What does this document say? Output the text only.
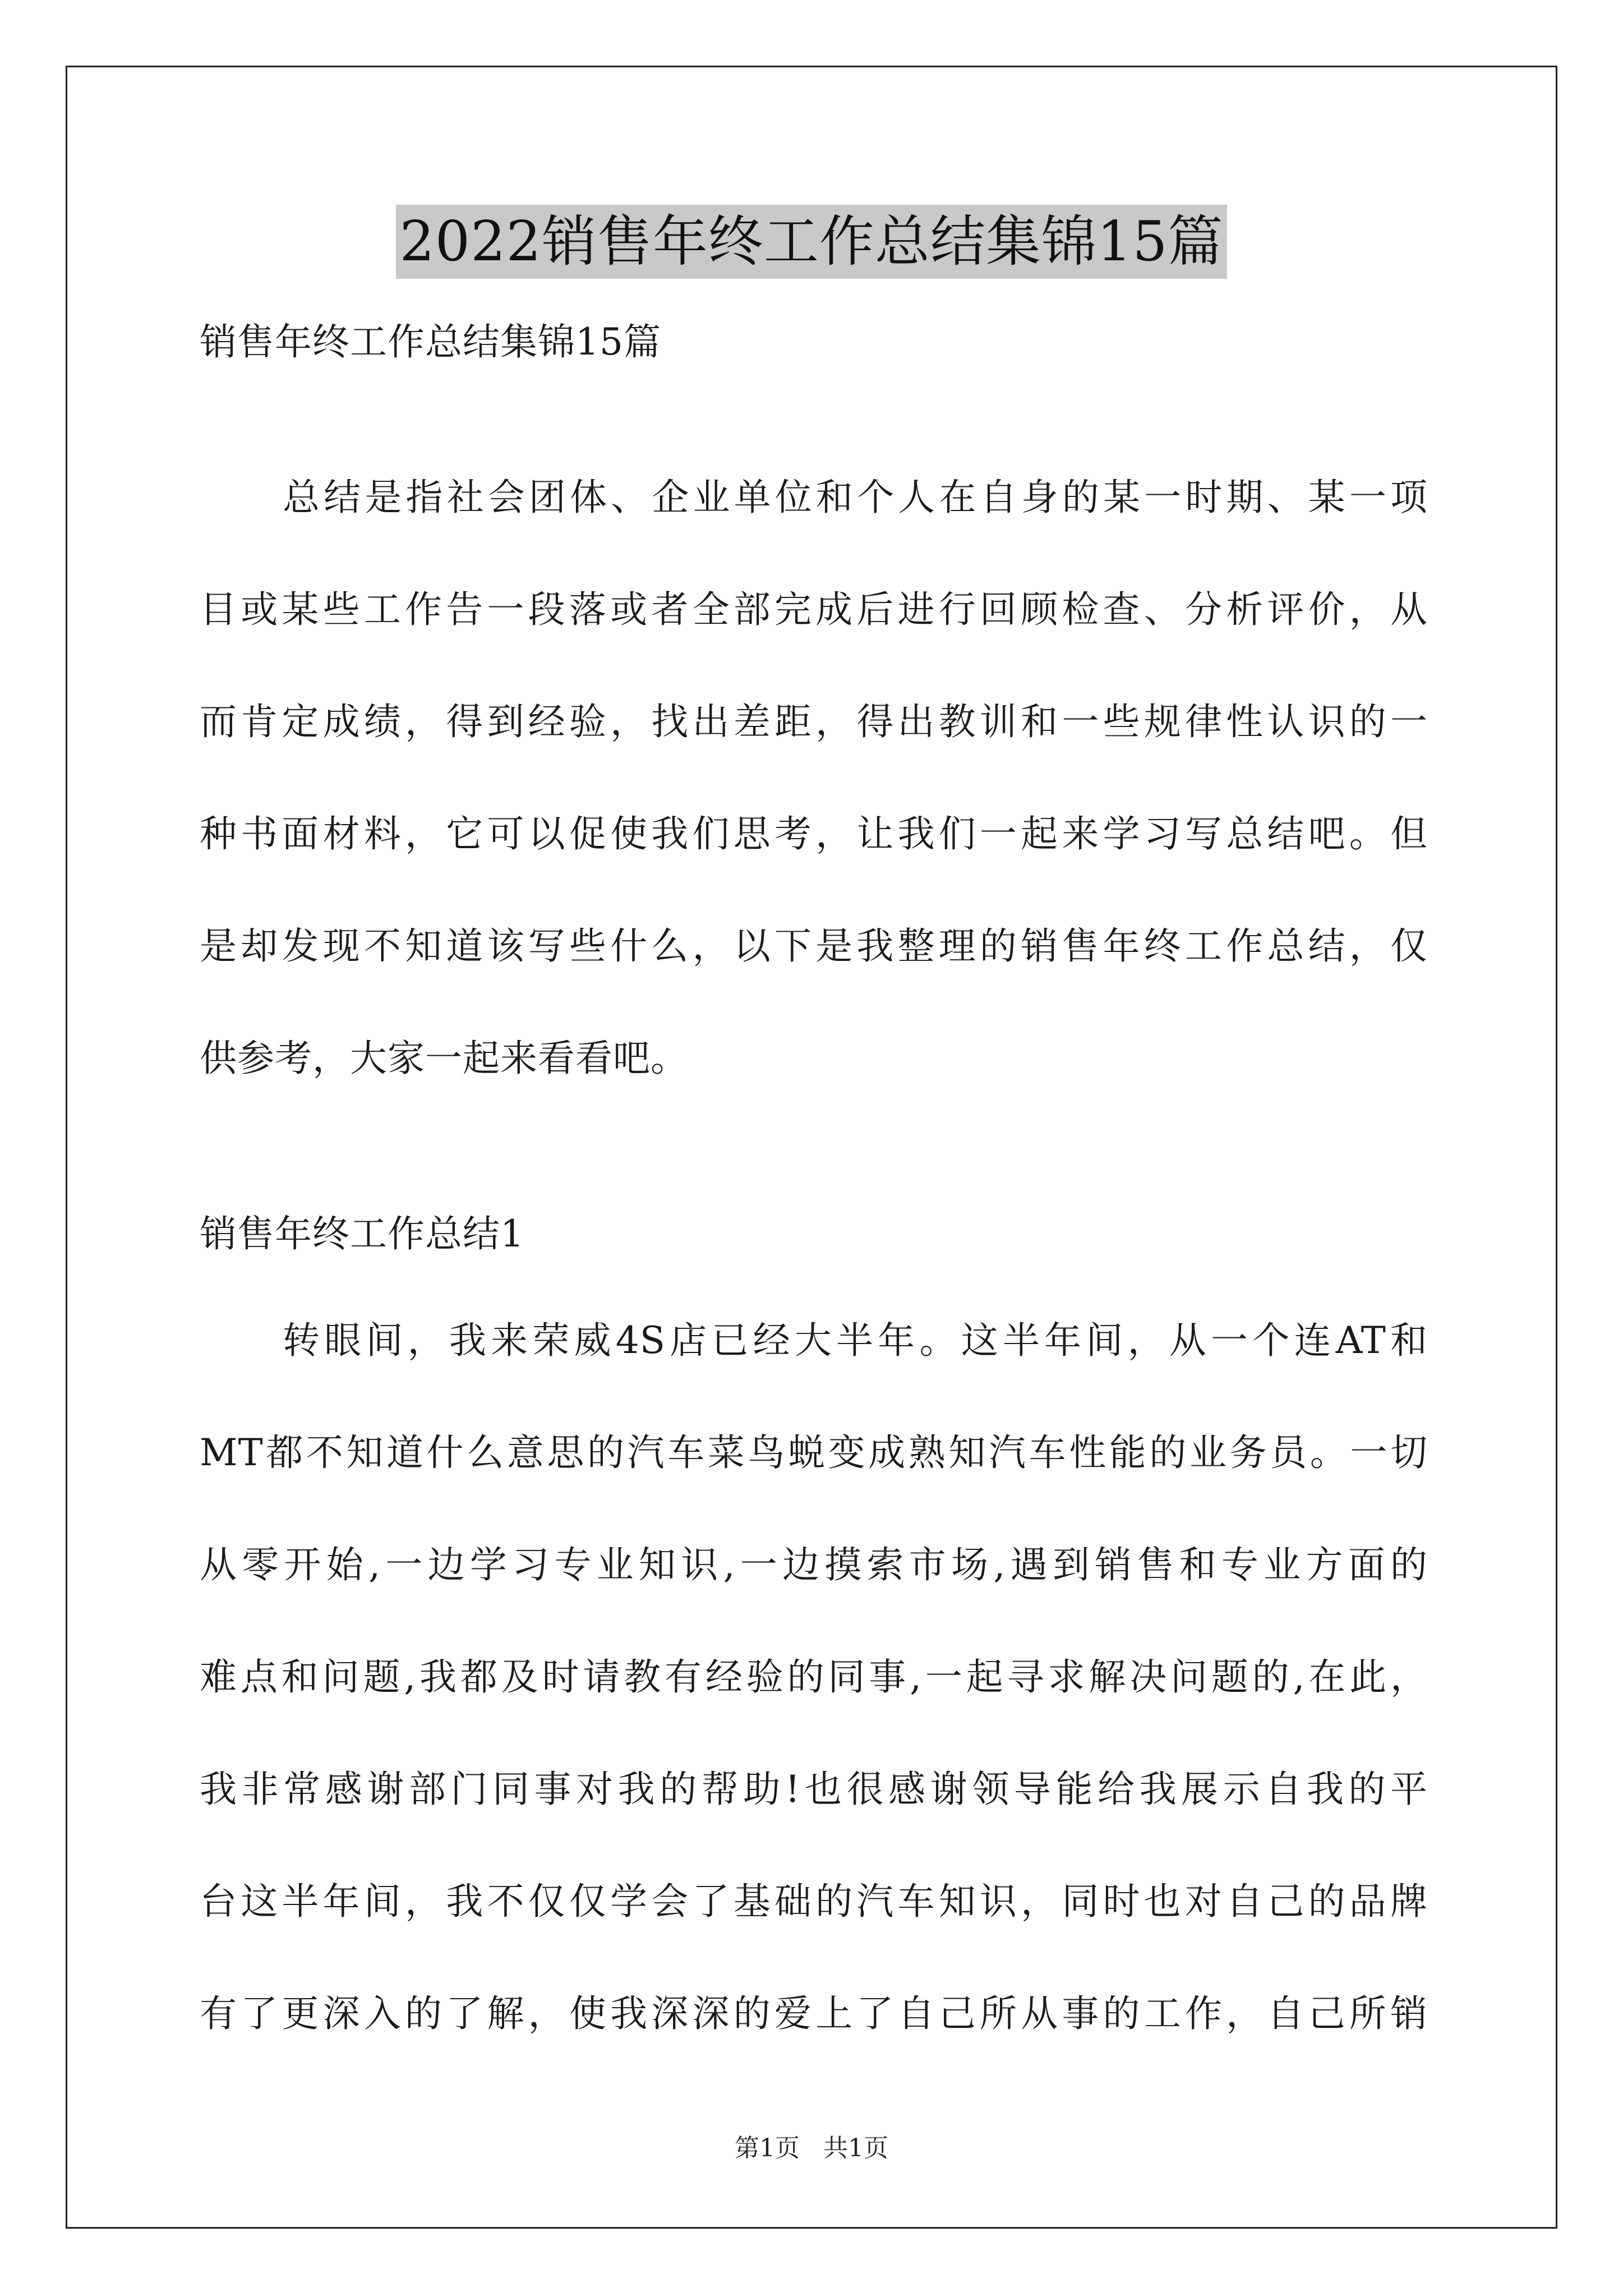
2022销售年终工作总结集锦15篇
销售年终工作总结集锦15篇
总结是指社会团体、企业单位和个人在自身的某一时期、某一项
目或某些工作告一段落或者全部完成后进行回顾检查、分析评价，从
而肯定成绩，得到经验，找出差距，得出教训和一些规律性认识的一
种书面材料，它可以促使我们思考，让我们一起来学习写总结吧。但
是却发现不知道该写些什么，以下是我整理的销售年终工作总结，仅
供参考，大家一起来看看吧。
销售年终工作总结1
转眼间，我来荣威4S店已经大半年。这半年间，从一个连AT和
MT都不知道什么意思的汽车菜鸟蜕变成熟知汽车性能的业务员。一切
从零开始,一边学习专业知识,一边摸索市场,遇到销售和专业方面的
难点和问题,我都及时请教有经验的同事,一起寻求解决问题的,在此，
我非常感谢部门同事对我的帮助!也很感谢领导能给我展示自我的平
台这半年间，我不仅仅学会了基础的汽车知识，同时也对自己的品牌
有了更深入的了解，使我深深的爱上了自己所从事的工作，自己所销
第1页   共1页
